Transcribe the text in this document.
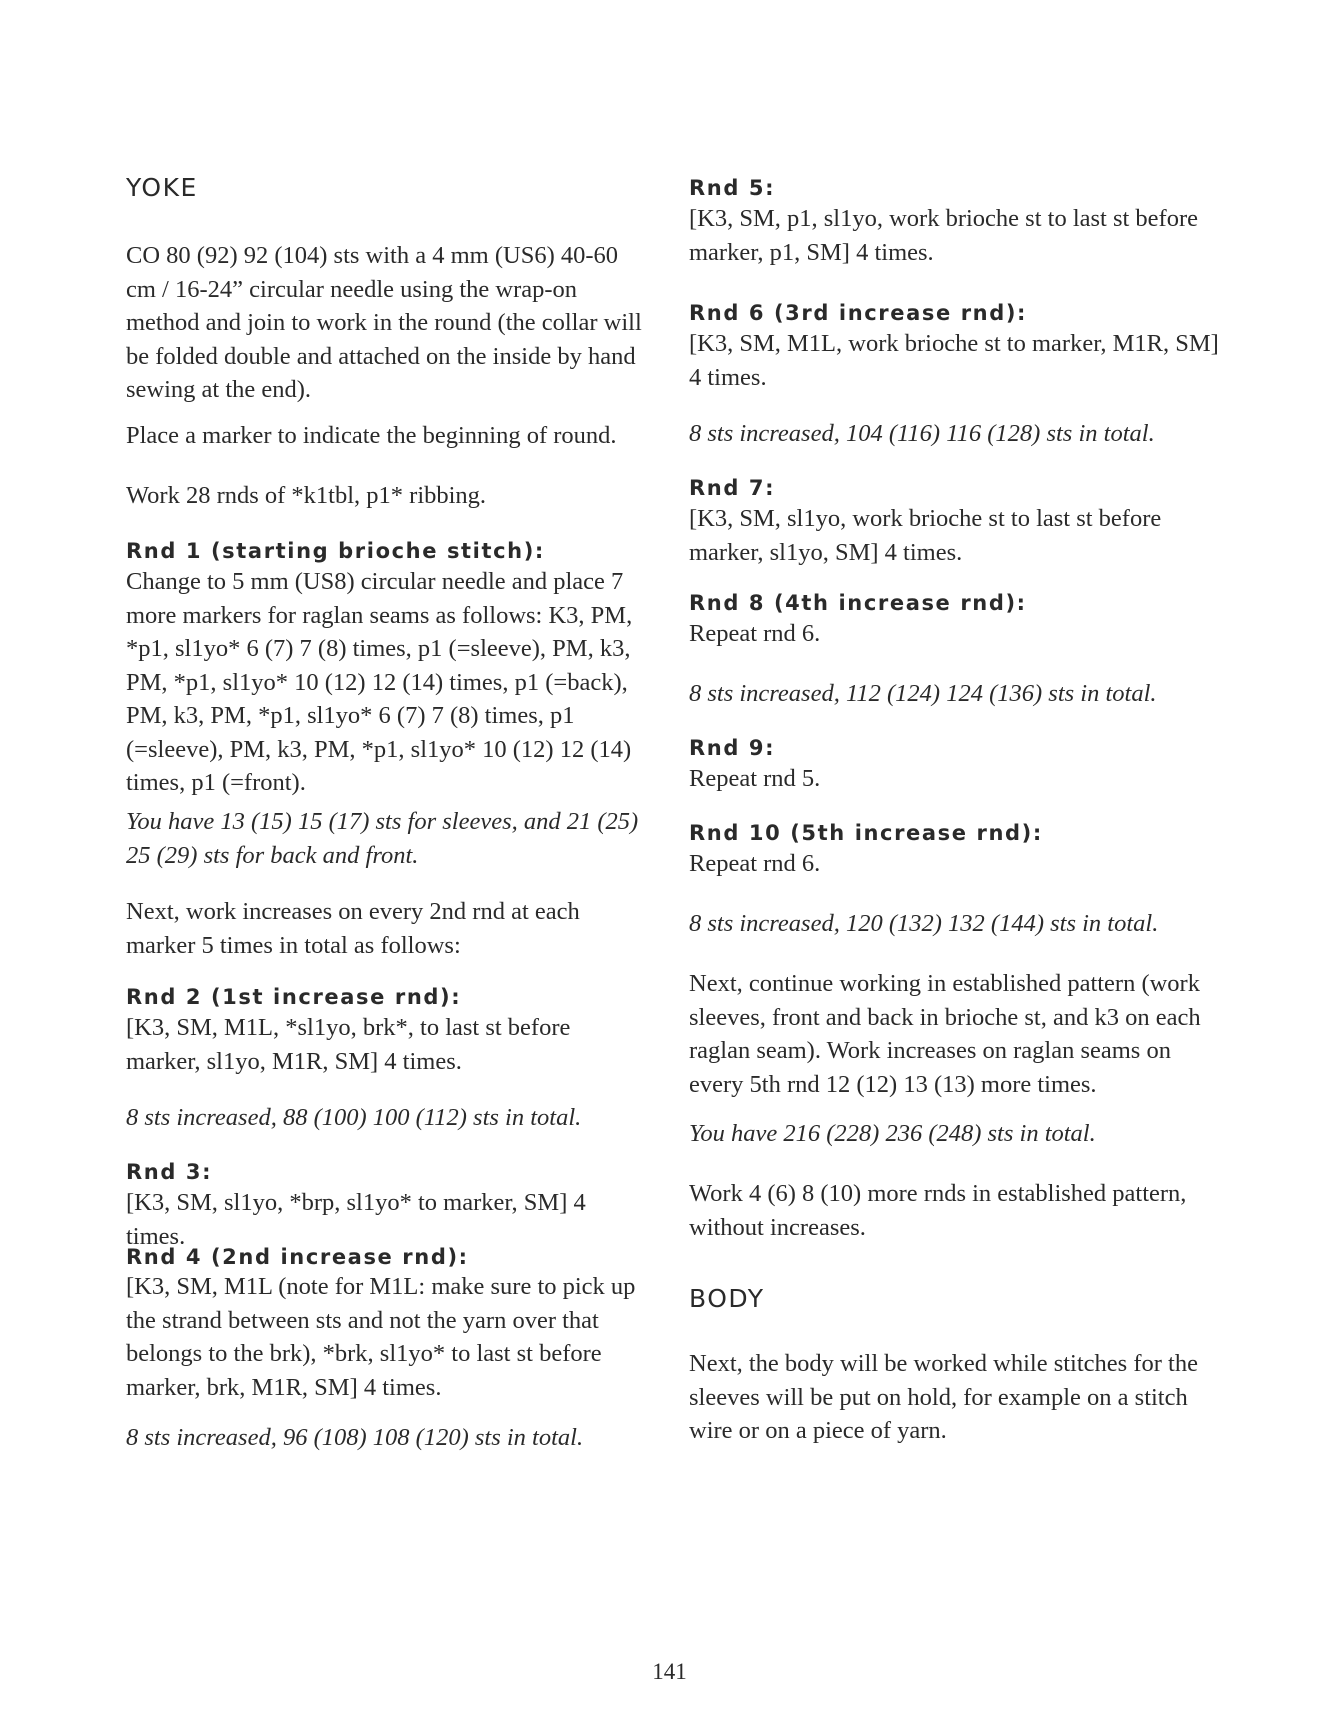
YOKE

CO 80 (92) 92 (104) sts with a 4 mm (US6) 40-60 cm / 16-24” circular needle using the wrap-on method and join to work in the round (the collar will be folded double and attached on the inside by hand sewing at the end).

Place a marker to indicate the beginning of round.

Work 28 rnds of *k1tbl, p1* ribbing.

Rnd 1 (starting brioche stitch):

Change to 5 mm (US8) circular needle and place 7 more markers for raglan seams as follows: K3, PM, *p1, sl1yo* 6 (7) 7 (8) times, p1 (=sleeve), PM, k3, PM, *p1, sl1yo* 10 (12) 12 (14) times, p1 (=back), PM, k3, PM, *p1, sl1yo* 6 (7) 7 (8) times, p1 (=sleeve), PM, k3, PM, *p1, sl1yo* 10 (12) 12 (14) times, p1 (=front).

You have 13 (15) 15 (17) sts for sleeves, and 21 (25) 25 (29) sts for back and front.

Next, work increases on every 2nd rnd at each marker 5 times in total as follows:

Rnd 2 (1st increase rnd):

[K3, SM, M1L, *sl1yo, brk*, to last st before marker, sl1yo, M1R, SM] 4 times.

8 sts increased, 88 (100) 100 (112) sts in total.

Rnd 3:

[K3, SM, sl1yo, *brp, sl1yo* to marker, SM] 4 times.

Rnd 4 (2nd increase rnd):

[K3, SM, M1L (note for M1L: make sure to pick up the strand between sts and not the yarn over that belongs to the brk), *brk, sl1yo* to last st before marker, brk, M1R, SM] 4 times.

8 sts increased, 96 (108) 108 (120) sts in total.

Rnd 5:

[K3, SM, p1, sl1yo, work brioche st to last st before marker, p1, SM] 4 times.

Rnd 6 (3rd increase rnd):

[K3, SM, M1L, work brioche st to marker, M1R, SM] 4 times.

8 sts increased, 104 (116) 116 (128) sts in total.

Rnd 7:

[K3, SM, sl1yo, work brioche st to last st before marker, sl1yo, SM] 4 times.

Rnd 8 (4th increase rnd):

Repeat rnd 6.

8 sts increased, 112 (124) 124 (136) sts in total.

Rnd 9:

Repeat rnd 5.

Rnd 10 (5th increase rnd):

Repeat rnd 6.

8 sts increased, 120 (132) 132 (144) sts in total.

Next, continue working in established pattern (work sleeves, front and back in brioche st, and k3 on each raglan seam). Work increases on raglan seams on every 5th rnd 12 (12) 13 (13) more times.

You have 216 (228) 236 (248) sts in total.

Work 4 (6) 8 (10) more rnds in established pattern, without increases.

BODY

Next, the body will be worked while stitches for the sleeves will be put on hold, for example on a stitch wire or on a piece of yarn.

141
